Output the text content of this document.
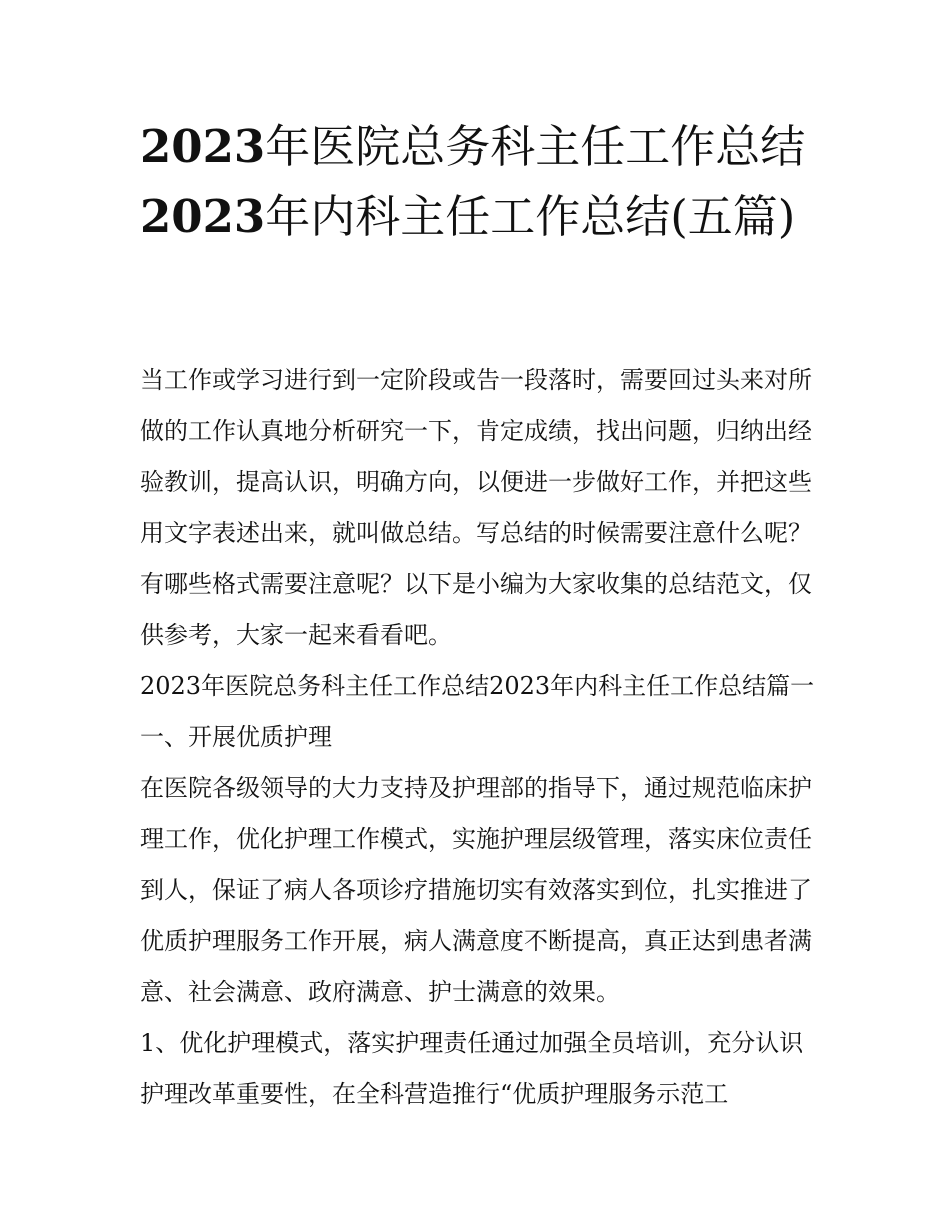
2023年医院总务科主任工作总结2023年内科主任工作总结(五篇)

当工作或学习进行到一定阶段或告一段落时，需要回过头来对所做的工作认真地分析研究一下，肯定成绩，找出问题，归纳出经验教训，提高认识，明确方向，以便进一步做好工作，并把这些用文字表述出来，就叫做总结。写总结的时候需要注意什么呢？有哪些格式需要注意呢？以下是小编为大家收集的总结范文，仅供参考，大家一起来看看吧。

2023年医院总务科主任工作总结2023年内科主任工作总结篇一 一、开展优质护理

在医院各级领导的大力支持及护理部的指导下，通过规范临床护理工作，优化护理工作模式，实施护理层级管理，落实床位责任到人，保证了病人各项诊疗措施切实有效落实到位，扎实推进了优质护理服务工作开展，病人满意度不断提高，真正达到患者满意、社会满意、政府满意、护士满意的效果。

1、优化护理模式，落实护理责任通过加强全员培训，充分认识护理改革重要性，在全科营造推行“优质护理服务示范工
